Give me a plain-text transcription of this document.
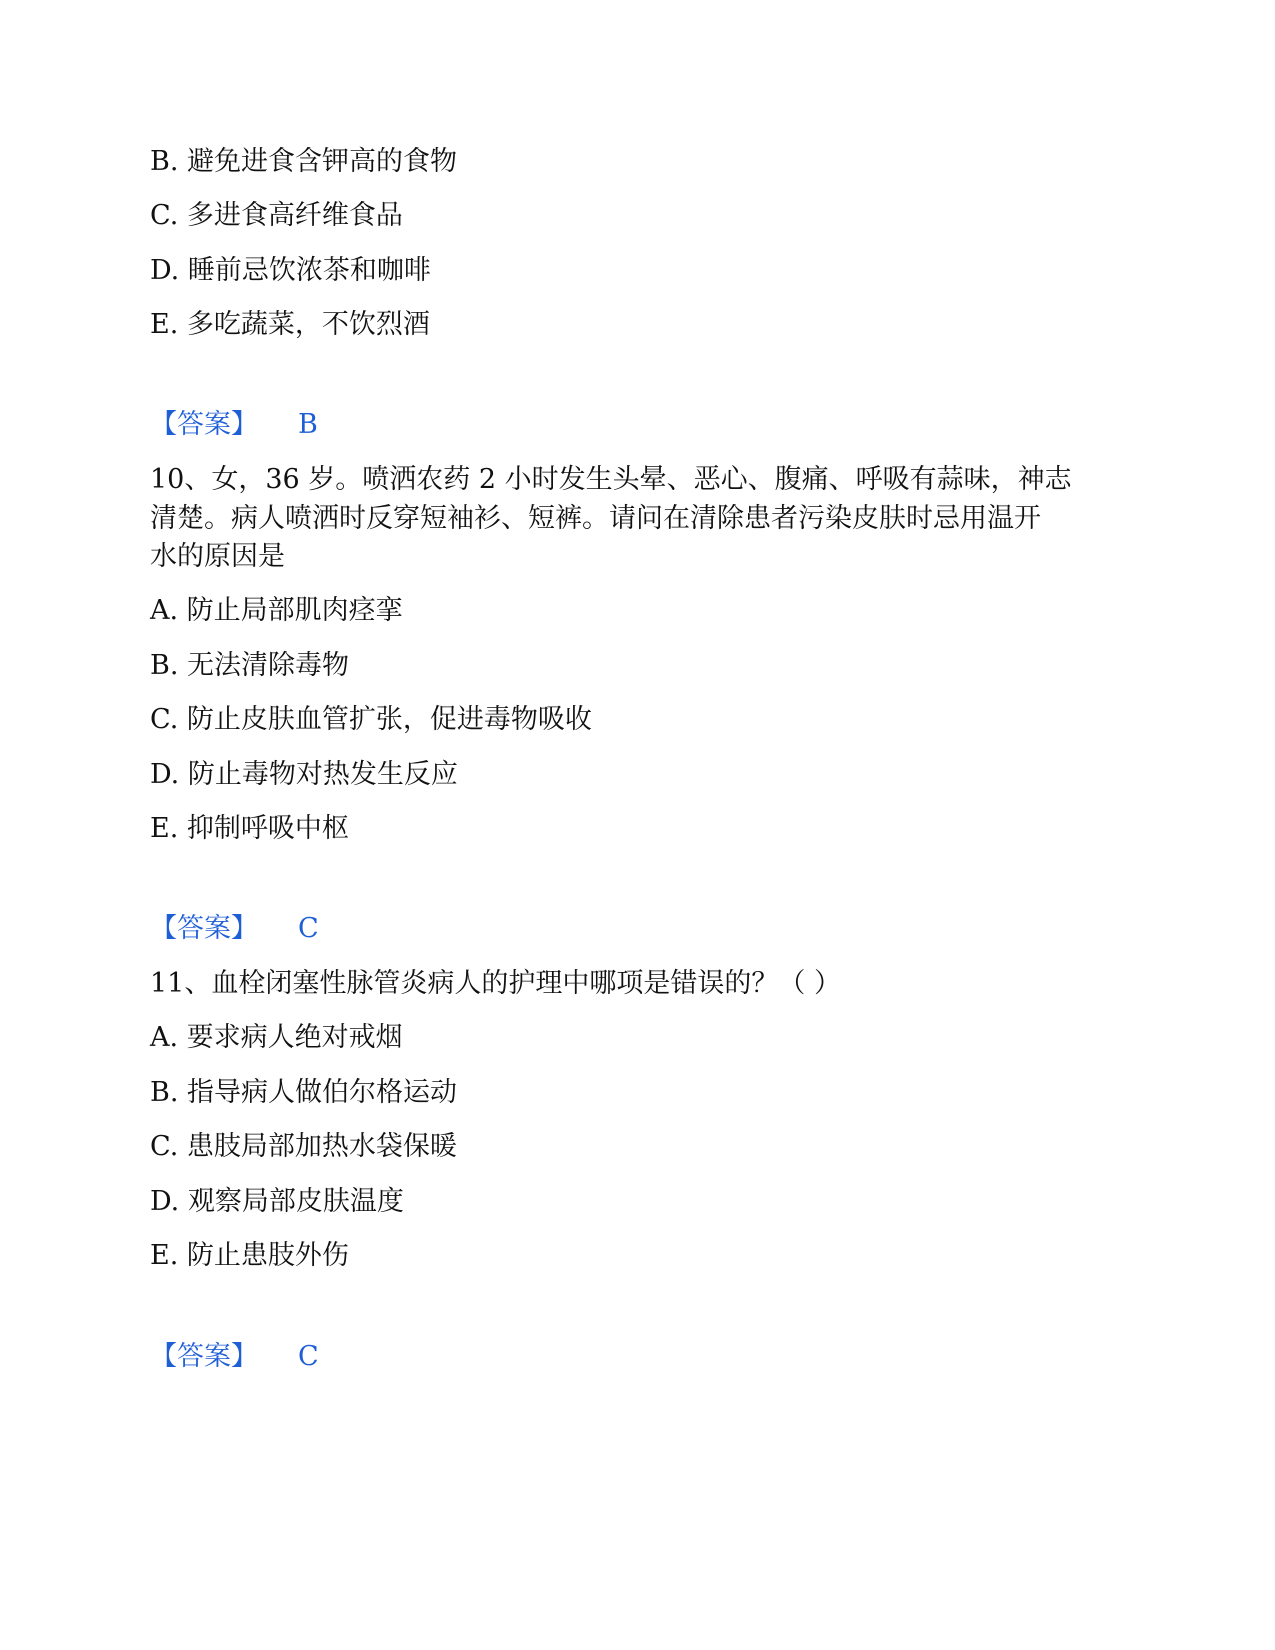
B. 避免进食含钾高的食物
C. 多进食高纤维食品
D. 睡前忌饮浓茶和咖啡
E. 多吃蔬菜，不饮烈酒
【答案】 B
10、女，36 岁。喷洒农药 2 小时发生头晕、恶心、腹痛、呼吸有蒜味，神志
清楚。病人喷洒时反穿短袖衫、短裤。请问在清除患者污染皮肤时忌用温开
水的原因是
A. 防止局部肌肉痉挛
B. 无法清除毒物
C. 防止皮肤血管扩张，促进毒物吸收
D. 防止毒物对热发生反应
E. 抑制呼吸中枢
【答案】 C
11、血栓闭塞性脉管炎病人的护理中哪项是错误的？（ ）
A. 要求病人绝对戒烟
B. 指导病人做伯尔格运动
C. 患肢局部加热水袋保暖
D. 观察局部皮肤温度
E. 防止患肢外伤
【答案】 C
